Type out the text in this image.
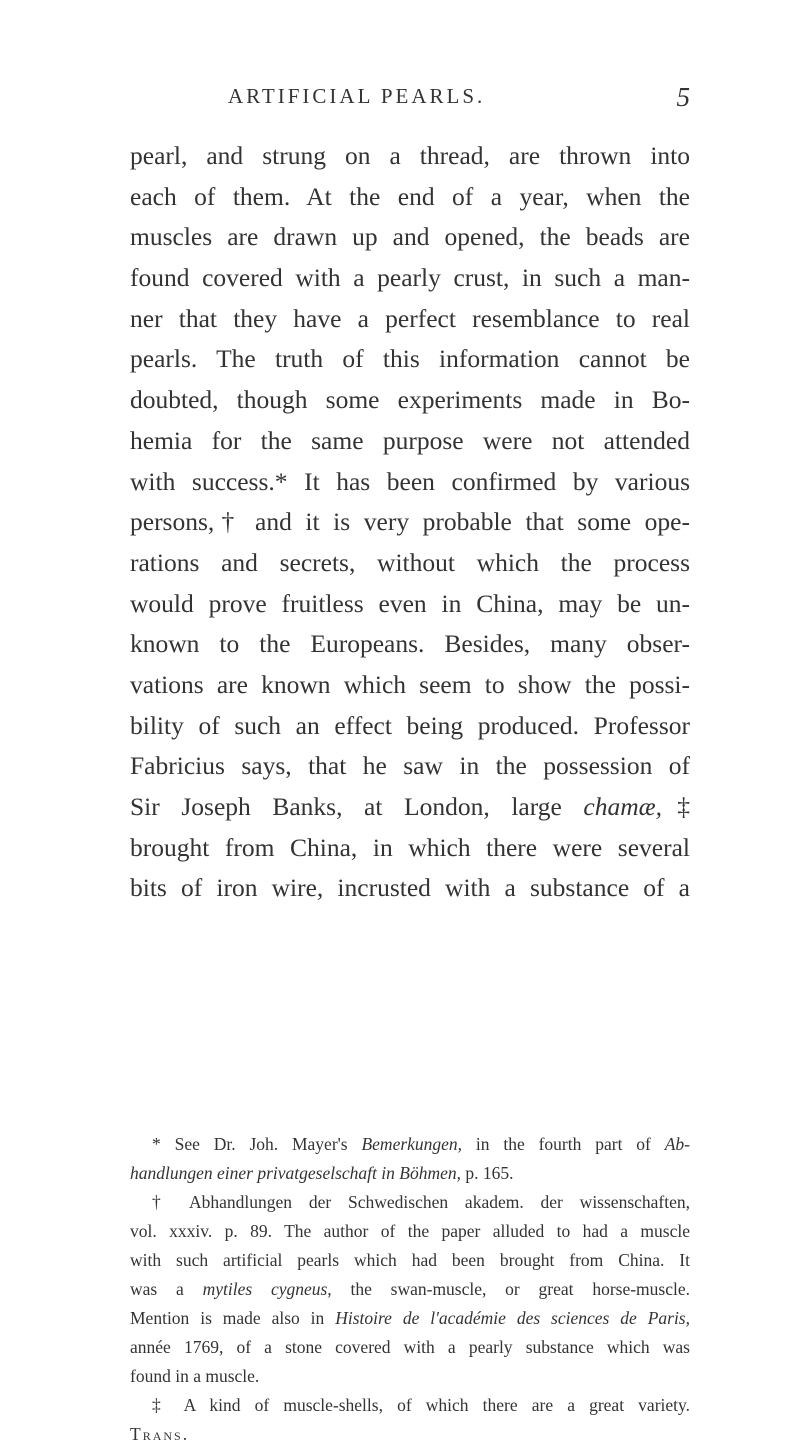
ARTIFICIAL PEARLS.	5
pearl, and strung on a thread, are thrown into
each of them. At the end of a year, when the
muscles are drawn up and opened, the beads are
found covered with a pearly crust, in such a man-
ner that they have a perfect resemblance to real
pearls. The truth of this information cannot be
doubted, though some experiments made in Bo-
hemia for the same purpose were not attended
with success.* It has been confirmed by various
persons,† and it is very probable that some ope-
rations and secrets, without which the process
would prove fruitless even in China, may be un-
known to the Europeans. Besides, many obser-
vations are known which seem to show the possi-
bility of such an effect being produced. Professor
Fabricius says, that he saw in the possession of
Sir Joseph Banks, at London, large chamæ,‡
brought from China, in which there were several
bits of iron wire, incrusted with a substance of a
* See Dr. Joh. Mayer's Bemerkungen, in the fourth part of Ab-
handlungen einer privatgeselschaft in Böhmen, p. 165.
† Abhandlungen der Schwedischen akadem. der wissenschaften,
vol. xxxiv. p. 89. The author of the paper alluded to had a muscle
with such artificial pearls which had been brought from China. It
was a mytiles cygneus, the swan-muscle, or great horse-muscle.
Mention is made also in Histoire de l'académie des sciences de Paris,
année 1769, of a stone covered with a pearly substance which was
found in a muscle.
‡ A kind of muscle-shells, of which there are a great variety.
Trans.
